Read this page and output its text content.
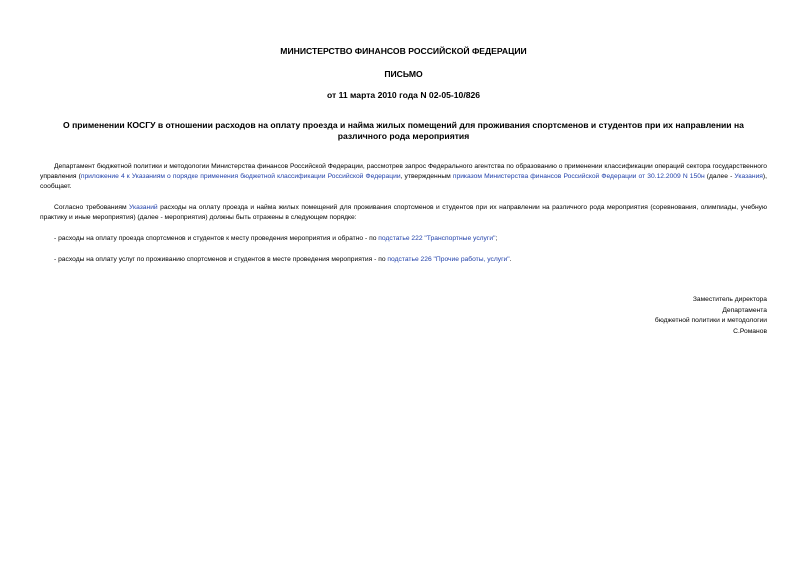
МИНИСТЕРСТВО ФИНАНСОВ РОССИЙСКОЙ ФЕДЕРАЦИИ
ПИСЬМО
от 11 марта 2010 года N 02-05-10/826
О применении КОСГУ в отношении расходов на оплату проезда и найма жилых помещений для проживания спортсменов и студентов при их направлении на различного рода мероприятия
Департамент бюджетной политики и методологии Министерства финансов Российской Федерации, рассмотрев запрос Федерального агентства по образованию о применении классификации операций сектора государственного управления (приложение 4 к Указаниям о порядке применения бюджетной классификации Российской Федерации, утвержденным приказом Министерства финансов Российской Федерации от 30.12.2009 N 150н (далее - Указания), сообщает.
Согласно требованиям Указаний расходы на оплату проезда и найма жилых помещений для проживания спортсменов и студентов при их направлении на различного рода мероприятия (соревнования, олимпиады, учебную практику и иные мероприятия) (далее - мероприятия) должны быть отражены в следующем порядке:
- расходы на оплату проезда спортсменов и студентов к месту проведения мероприятия и обратно - по подстатье 222 "Транспортные услуги";
- расходы на оплату услуг по проживанию спортсменов и студентов в месте проведения мероприятия - по подстатье 226 "Прочие работы, услуги".
Заместитель директора
Департамента
бюджетной политики и методологии
С.Романов
